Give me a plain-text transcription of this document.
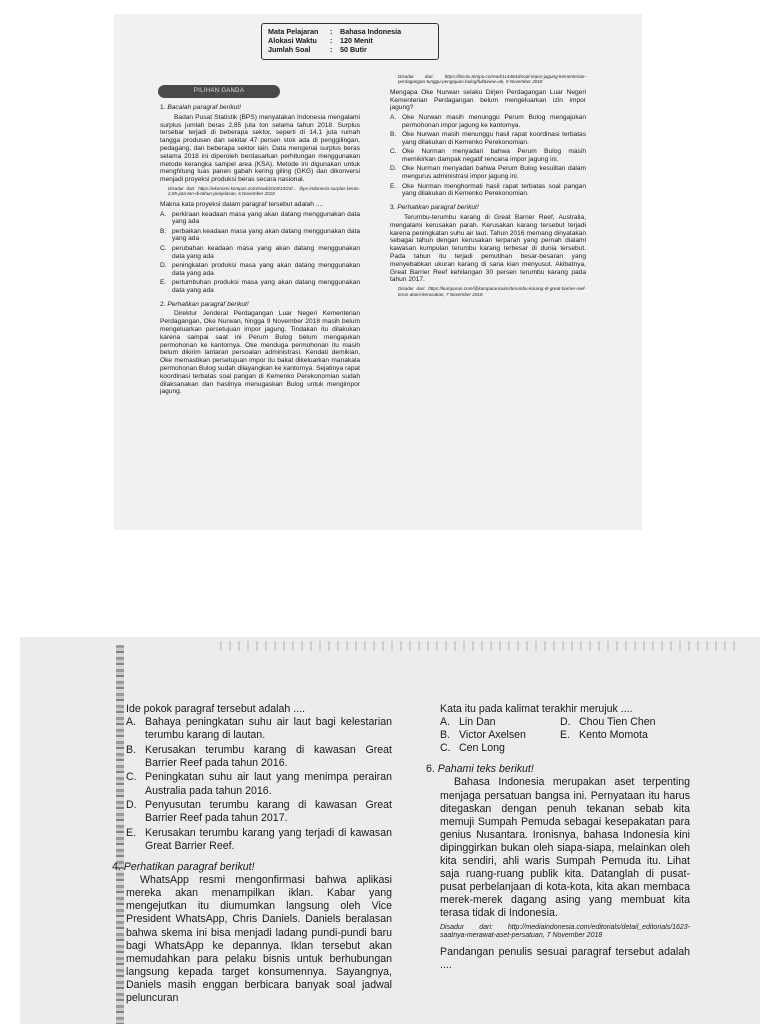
Mata Pelajaran	:	Bahasa Indonesia
Alokasi Waktu	:	120 Menit
Jumlah Soal	:	50 Butir
PILIHAN GANDA

1. Bacalah paragraf berikut!

Badan Pusat Statistik (BPS) menyatakan Indonesia mengalami surplus jumlah beras 2,85 juta ton selama tahun 2018. Surplus tersebar terjadi di beberapa sektor, seperti di 14,1 juta rumah tangga produsen dan sekitar 47 persen stok ada di penggilingan, pedagang, dan beberapa sektor lain. Data mengenai surplus beras selama 2018 ini diperoleh berdasarkan perhitungan menggunakan metode kerangka sampel area (KSA). Metode ini digunakan untuk menghitung luas panen gabah kering giling (GKG) dan dikonversi menjadi proyeksi produksi beras secara nasional.

Disadur dari: https://ekonomi.kompas.com/read/2018/10/23/... /bps-indonesia-surplus-beras-2,85-juta-ton-di-tahun-penjelasan, 6 November 2018

Makna kata proyeksi dalam paragraf tersebut adalah ....

A. perkiraan keadaan masa yang akan datang menggunakan data yang ada
B. perbaikan keadaan masa yang akan datang menggunakan data yang ada
C. perubahan keadaan masa yang akan datang menggunakan data yang ada
D. peningkatan produksi masa yang akan datang menggunakan data yang ada
E. pertumbuhan produksi masa yang akan datang menggunakan data yang ada

2. Perhatikan paragraf berikut!

Direktur Jenderal Perdagangan Luar Negeri Kementerian Perdagangan, Oke Nurwan, hingga 9 November 2018 masih belum mengeluarkan persetujuan impor jagung. Tindakan itu dilakukan karena sampai saat ini Perum Bulog belum mengajukan permohonan ke kantornya. Oke menduga permohonan itu masih belum dikirim lantaran persoalan administrasi. Kendati demikian, Oke memastikan persetujuan impor itu bakal dikeluarkan manakala permohonan Bulog sudah dilayangkan ke kantornya. Sejatinya rapat koordinasi terbatas soal pangan di Kemenko Perekonomian sudah dilaksanakan dan hasilnya menugaskan Bulog untuk mengimpor jagung.

Disadur dari: https://bisnis.tempo.co/read/1144843/soal-impor-jagung-kementerian-perdagangan-tunggu-pengajuan-bulog/full&view=ok, 9 November 2018

Mengapa Oke Nurwan selaku Dirjen Perdagangan Luar Negeri Kementerian Perdagangan belum mengeluarkan izin impor jagung?

A. Oke Nurwan masih menunggu Perum Bulog mengajukan permohonan impor jagung ke kantornya.
B. Oke Nurwan masih menunggu hasil rapat koordinasi terbatas yang dilakukan di Kemenko Perekonomian.
C. Oke Nurman menyadari bahwa Perum Bulog masih memikirkan dampak negatif rencana impor jagung ini.
D. Oke Nurman menyadari bahwa Perum Bulog kesulitan dalam mengurus administrasi impor jagung ini.
E. Oke Nurman menghormati hasil rapat terbatas soal pangan yang dilakukan di Kemenko Perekonomian.

3. Perhatikan paragraf berikut!

Terumbu-terumbu karang di Great Barrier Reef, Australia, mengalami kerusakan parah. Kerusakan karang tersebut terjadi karena peningkatan suhu air laut. Tahun 2016 memang dinyatakan sebagai tahun dengan kerusakan terparah yang pernah dialami kawasan kumpulan terumbu karang terbesar di dunia tersebut. Pada tahun itu terjadi pemutihan besar-besaran yang menyebabkan ukuran karang di sana kian menyusut. Akibatnya, Great Barrier Reef kehilangan 30 persen terumbu karang pada tahun 2017.

Disadur dari: https://kumparan.com/@kumparansains/terumbu-karang-di-great-barrier-reef-terus-alami-kerusakan, 7 November 2018

Ide pokok paragraf tersebut adalah ....

A. Bahaya peningkatan suhu air laut bagi kelestarian terumbu karang di lautan.
B. Kerusakan terumbu karang di kawasan Great Barrier Reef pada tahun 2016.
C. Peningkatan suhu air laut yang menimpa perairan Australia pada tahun 2016.
D. Penyusutan terumbu karang di kawasan Great Barrier Reef pada tahun 2017.
E. Kerusakan terumbu karang yang terjadi di kawasan Great Barrier Reef.

4. Perhatikan paragraf berikut!

WhatsApp resmi mengonfirmasi bahwa aplikasi mereka akan menampilkan iklan. Kabar yang mengejutkan itu diumumkan langsung oleh Vice President WhatsApp, Chris Daniels. Daniels beralasan bahwa skema ini bisa menjadi ladang pundi-pundi baru bagi WhatsApp ke depannya. Iklan tersebut akan memudahkan para pelaku bisnis untuk berhubungan langsung kepada target konsumennya. Sayangnya, Daniels masih enggan berbicara banyak soal jadwal peluncuran

Kata itu pada kalimat terakhir merujuk ....

A. Lin Dan	D. Chou Tien Chen
B. Victor Axelsen	E. Kento Momota
C. Cen Long

6. Pahami teks berikut!

Bahasa Indonesia merupakan aset terpenting menjaga persatuan bangsa ini. Pernyataan itu harus ditegaskan dengan penuh tekanan sebab kita memuji Sumpah Pemuda sebagai kesepakatan para genius Nusantara. Ironisnya, bahasa Indonesia kini dipinggirkan bukan oleh siapa-siapa, melainkan oleh kita sendiri, ahli waris Sumpah Pemuda itu. Lihat saja ruang-ruang publik kita. Datanglah di pusat-pusat perbelanjaan di kota-kota, kita akan membaca merek-merek dagang asing yang membuat kita terasa tidak di Indonesia.

Disadur dari: http://mediaindonesia.com/editorials/detail_editorials/1623-saatnya-merawat-aset-persatuan, 7 November 2018

Pandangan penulis sesuai paragraf tersebut adalah ....
